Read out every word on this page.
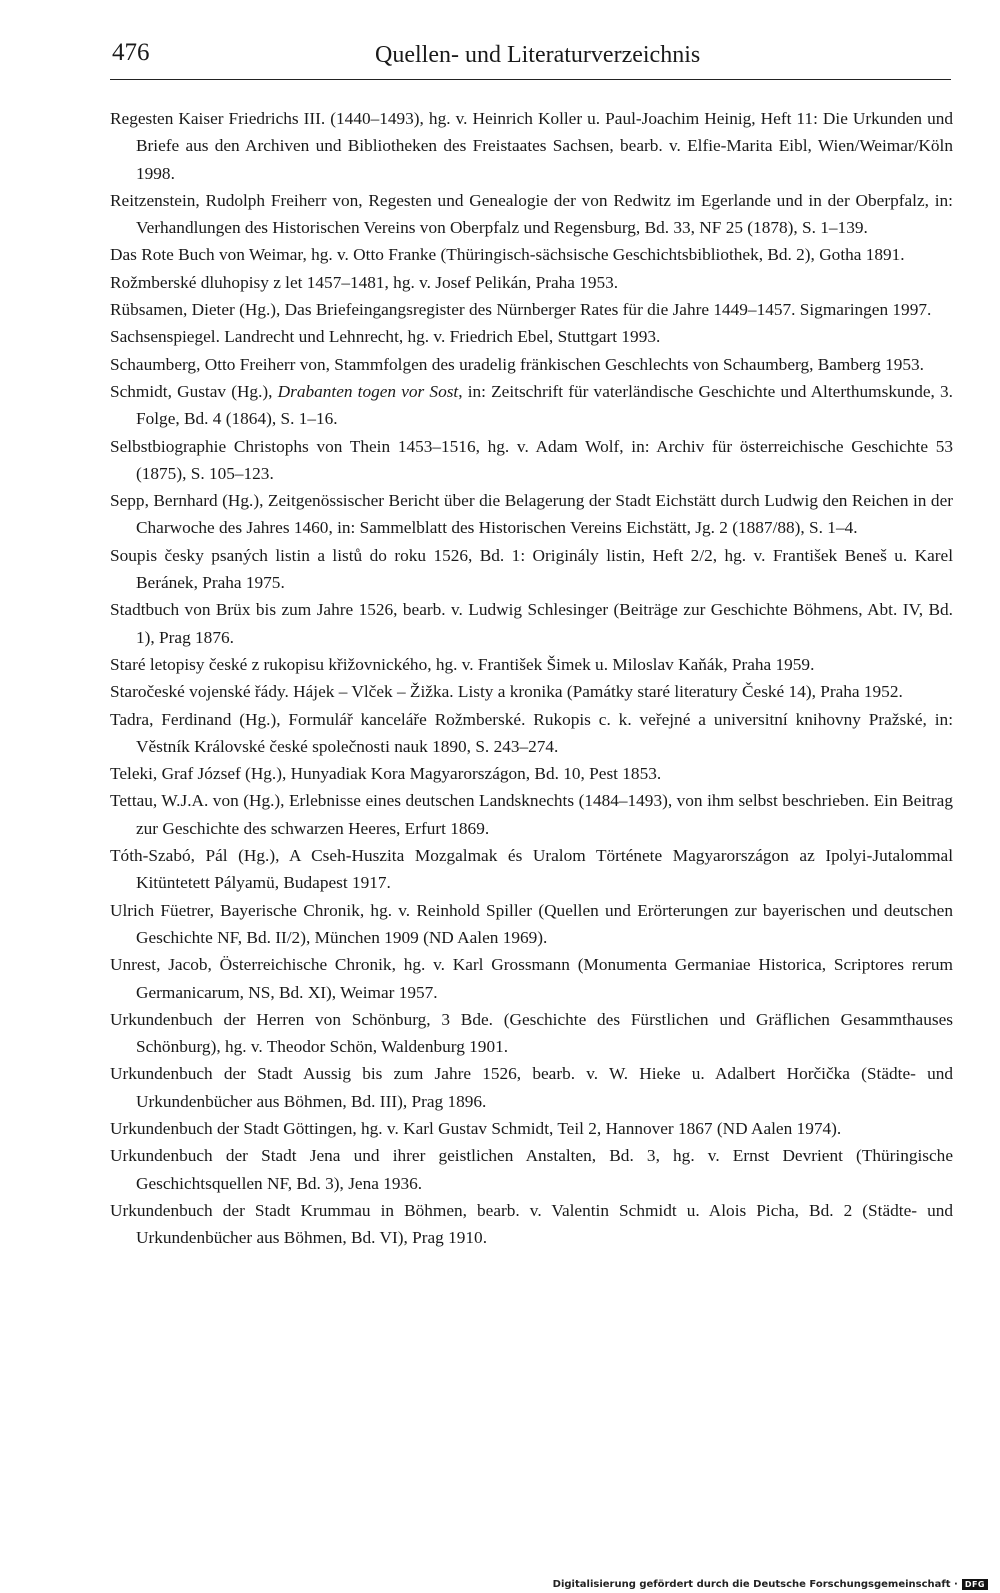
476	Quellen- und Literaturverzeichnis
Regesten Kaiser Friedrichs III. (1440–1493), hg. v. Heinrich Koller u. Paul-Joachim Heinig, Heft 11: Die Urkunden und Briefe aus den Archiven und Bibliotheken des Freistaates Sachsen, bearb. v. Elfie-Marita Eibl, Wien/Weimar/Köln 1998.
Reitzenstein, Rudolph Freiherr von, Regesten und Genealogie der von Redwitz im Egerlande und in der Oberpfalz, in: Verhandlungen des Historischen Vereins von Oberpfalz und Regensburg, Bd. 33, NF 25 (1878), S. 1–139.
Das Rote Buch von Weimar, hg. v. Otto Franke (Thüringisch-sächsische Geschichtsbibliothek, Bd. 2), Gotha 1891.
Rožmberské dluhopisy z let 1457–1481, hg. v. Josef Pelikán, Praha 1953.
Rübsamen, Dieter (Hg.), Das Briefeingangsregister des Nürnberger Rates für die Jahre 1449–1457. Sigmaringen 1997.
Sachsenspiegel. Landrecht und Lehnrecht, hg. v. Friedrich Ebel, Stuttgart 1993.
Schaumberg, Otto Freiherr von, Stammfolgen des uradelig fränkischen Geschlechts von Schaumberg, Bamberg 1953.
Schmidt, Gustav (Hg.), Drabanten togen vor Sost, in: Zeitschrift für vaterländische Geschichte und Alterthumskunde, 3. Folge, Bd. 4 (1864), S. 1–16.
Selbstbiographie Christophs von Thein 1453–1516, hg. v. Adam Wolf, in: Archiv für österreichische Geschichte 53 (1875), S. 105–123.
Sepp, Bernhard (Hg.), Zeitgenössischer Bericht über die Belagerung der Stadt Eichstätt durch Ludwig den Reichen in der Charwoche des Jahres 1460, in: Sammelblatt des Historischen Vereins Eichstätt, Jg. 2 (1887/88), S. 1–4.
Soupis česky psaných listin a listů do roku 1526, Bd. 1: Originály listin, Heft 2/2, hg. v. František Beneš u. Karel Beránek, Praha 1975.
Stadtbuch von Brüx bis zum Jahre 1526, bearb. v. Ludwig Schlesinger (Beiträge zur Geschichte Böhmens, Abt. IV, Bd. 1), Prag 1876.
Staré letopisy české z rukopisu křižovnického, hg. v. František Šimek u. Miloslav Kaňák, Praha 1959.
Staročeské vojenské řády. Hájek – Vlček – Žižka. Listy a kronika (Památky staré literatury České 14), Praha 1952.
Tadra, Ferdinand (Hg.), Formulář kanceláře Rožmberské. Rukopis c. k. veřejné a universitní knihovny Pražské, in: Věstník Královské české společnosti nauk 1890, S. 243–274.
Teleki, Graf József (Hg.), Hunyadiak Kora Magyarországon, Bd. 10, Pest 1853.
Tettau, W.J.A. von (Hg.), Erlebnisse eines deutschen Landsknechts (1484–1493), von ihm selbst beschrieben. Ein Beitrag zur Geschichte des schwarzen Heeres, Erfurt 1869.
Tóth-Szabó, Pál (Hg.), A Cseh-Huszita Mozgalmak és Uralom Története Magyarországon az Ipolyi-Jutalommal Kitüntetett Pályamü, Budapest 1917.
Ulrich Füetrer, Bayerische Chronik, hg. v. Reinhold Spiller (Quellen und Erörterungen zur bayerischen und deutschen Geschichte NF, Bd. II/2), München 1909 (ND Aalen 1969).
Unrest, Jacob, Österreichische Chronik, hg. v. Karl Grossmann (Monumenta Germaniae Historica, Scriptores rerum Germanicarum, NS, Bd. XI), Weimar 1957.
Urkundenbuch der Herren von Schönburg, 3 Bde. (Geschichte des Fürstlichen und Gräflichen Gesammthauses Schönburg), hg. v. Theodor Schön, Waldenburg 1901.
Urkundenbuch der Stadt Aussig bis zum Jahre 1526, bearb. v. W. Hieke u. Adalbert Horčička (Städte- und Urkundenbücher aus Böhmen, Bd. III), Prag 1896.
Urkundenbuch der Stadt Göttingen, hg. v. Karl Gustav Schmidt, Teil 2, Hannover 1867 (ND Aalen 1974).
Urkundenbuch der Stadt Jena und ihrer geistlichen Anstalten, Bd. 3, hg. v. Ernst Devrient (Thüringische Geschichtsquellen NF, Bd. 3), Jena 1936.
Urkundenbuch der Stadt Krummau in Böhmen, bearb. v. Valentin Schmidt u. Alois Picha, Bd. 2 (Städte- und Urkundenbücher aus Böhmen, Bd. VI), Prag 1910.
Digitalisierung gefördert durch die Deutsche Forschungsgemeinschaft · DFG
